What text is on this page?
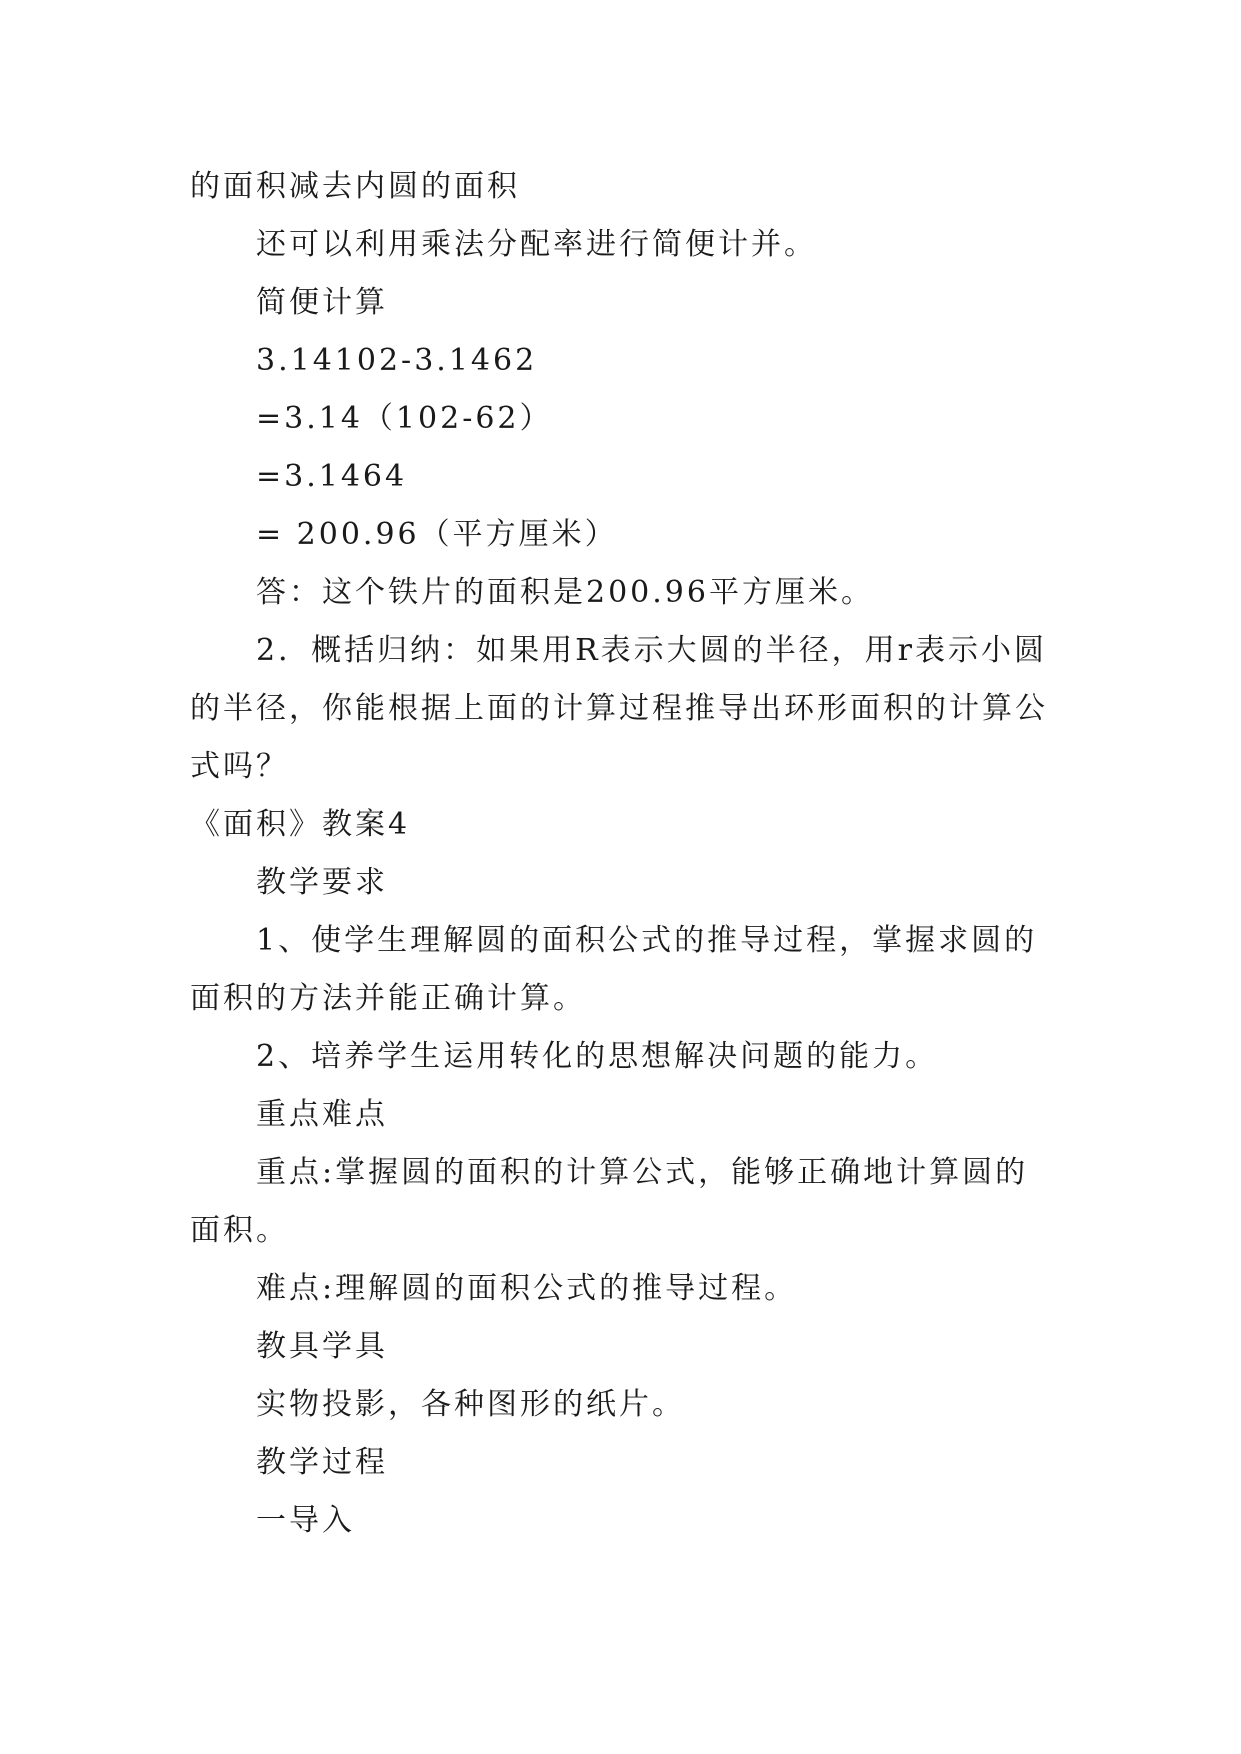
的面积减去内圆的面积

还可以利用乘法分配率进行简便计并。

简便计算

3.14102-3.1462

=3.14（102-62）

=3.1464

= 200.96（平方厘米）

答：这个铁片的面积是200.96平方厘米。

2．概括归纳：如果用R表示大圆的半径，用r表示小圆的半径，你能根据上面的计算过程推导出环形面积的计算公式吗？

《面积》教案4

教学要求

1、使学生理解圆的面积公式的推导过程，掌握求圆的面积的方法并能正确计算。

2、培养学生运用转化的思想解决问题的能力。

重点难点

重点:掌握圆的面积的计算公式，能够正确地计算圆的面积。

难点:理解圆的面积公式的推导过程。

教具学具

实物投影，各种图形的纸片。

教学过程

一导入
